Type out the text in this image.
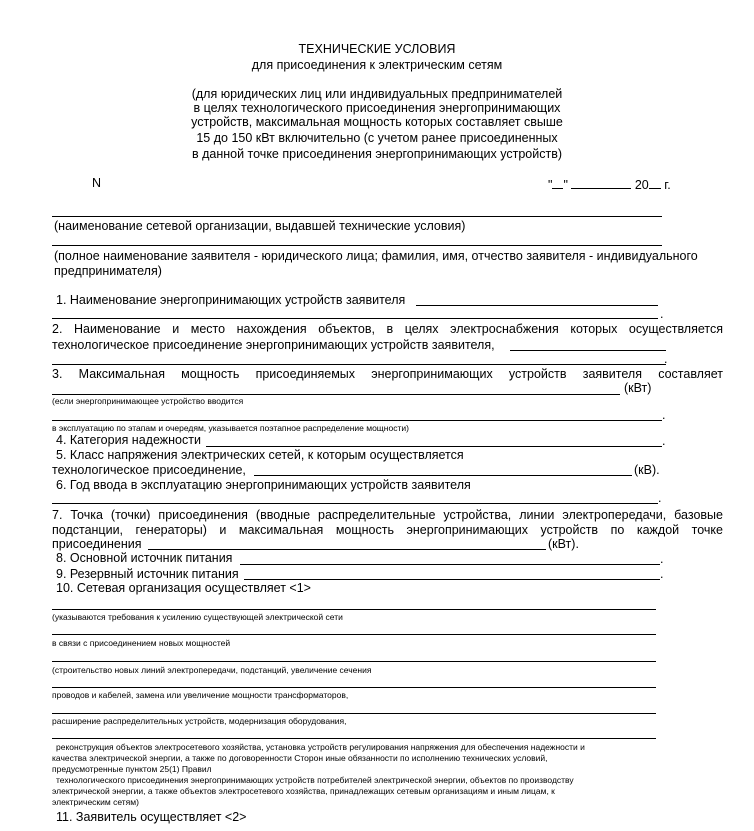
ТЕХНИЧЕСКИЕ УСЛОВИЯ
для присоединения к электрическим сетям
(для юридических лиц или индивидуальных предпринимателей
в целях технологического присоединения энергопринимающих
устройств, максимальная мощность которых составляет свыше
15 до 150 кВт включительно (с учетом ранее присоединенных
в данной точке присоединения энергопринимающих устройств)
N	" "	20 г.
(наименование сетевой организации, выдавшей технические условия)
(полное наименование заявителя - юридического лица; фамилия, имя, отчество заявителя - индивидуального
предпринимателя)
1. Наименование энергопринимающих устройств заявителя
.
2. Наименование и место нахождения объектов, в целях электроснабжения которых осуществляется
технологическое присоединение энергопринимающих устройств заявителя,
.
3. Максимальная мощность присоединяемых энергопринимающих устройств заявителя составляет
(кВт)
(если энергопринимающее устройство вводится
.
в эксплуатацию по этапам и очередям, указывается поэтапное распределение мощности)
4. Категория надежности	.
5. Класс напряжения электрических сетей, к которым осуществляется
технологическое присоединение,	(кВ).
6. Год ввода в эксплуатацию энергопринимающих устройств заявителя
.
7. Точка (точки) присоединения (вводные распределительные устройства, линии электропередачи, базовые
подстанции, генераторы) и максимальная мощность энергопринимающих устройств по каждой точке
присоединения	(кВт).
8. Основной источник питания	.
9. Резервный источник питания	.
10. Сетевая организация осуществляет <1>
(указываются требования к усилению существующей электрической сети
в связи с присоединением новых мощностей
(строительство новых линий электропередачи, подстанций, увеличение сечения
проводов и кабелей, замена или увеличение мощности трансформаторов,
расширение распределительных устройств, модернизация оборудования,
реконструкция объектов электросетевого хозяйства, установка устройств регулирования напряжения для обеспечения надежности и
качества электрической энергии, а также по договоренности Сторон иные обязанности по исполнению технических условий,
предусмотренные пунктом 25(1) Правил
технологического присоединения энергопринимающих устройств потребителей электрической энергии, объектов по производству
электрической энергии, а также объектов электросетевого хозяйства, принадлежащих сетевым организациям и иным лицам, к
электрическим сетям)
11. Заявитель осуществляет <2>
